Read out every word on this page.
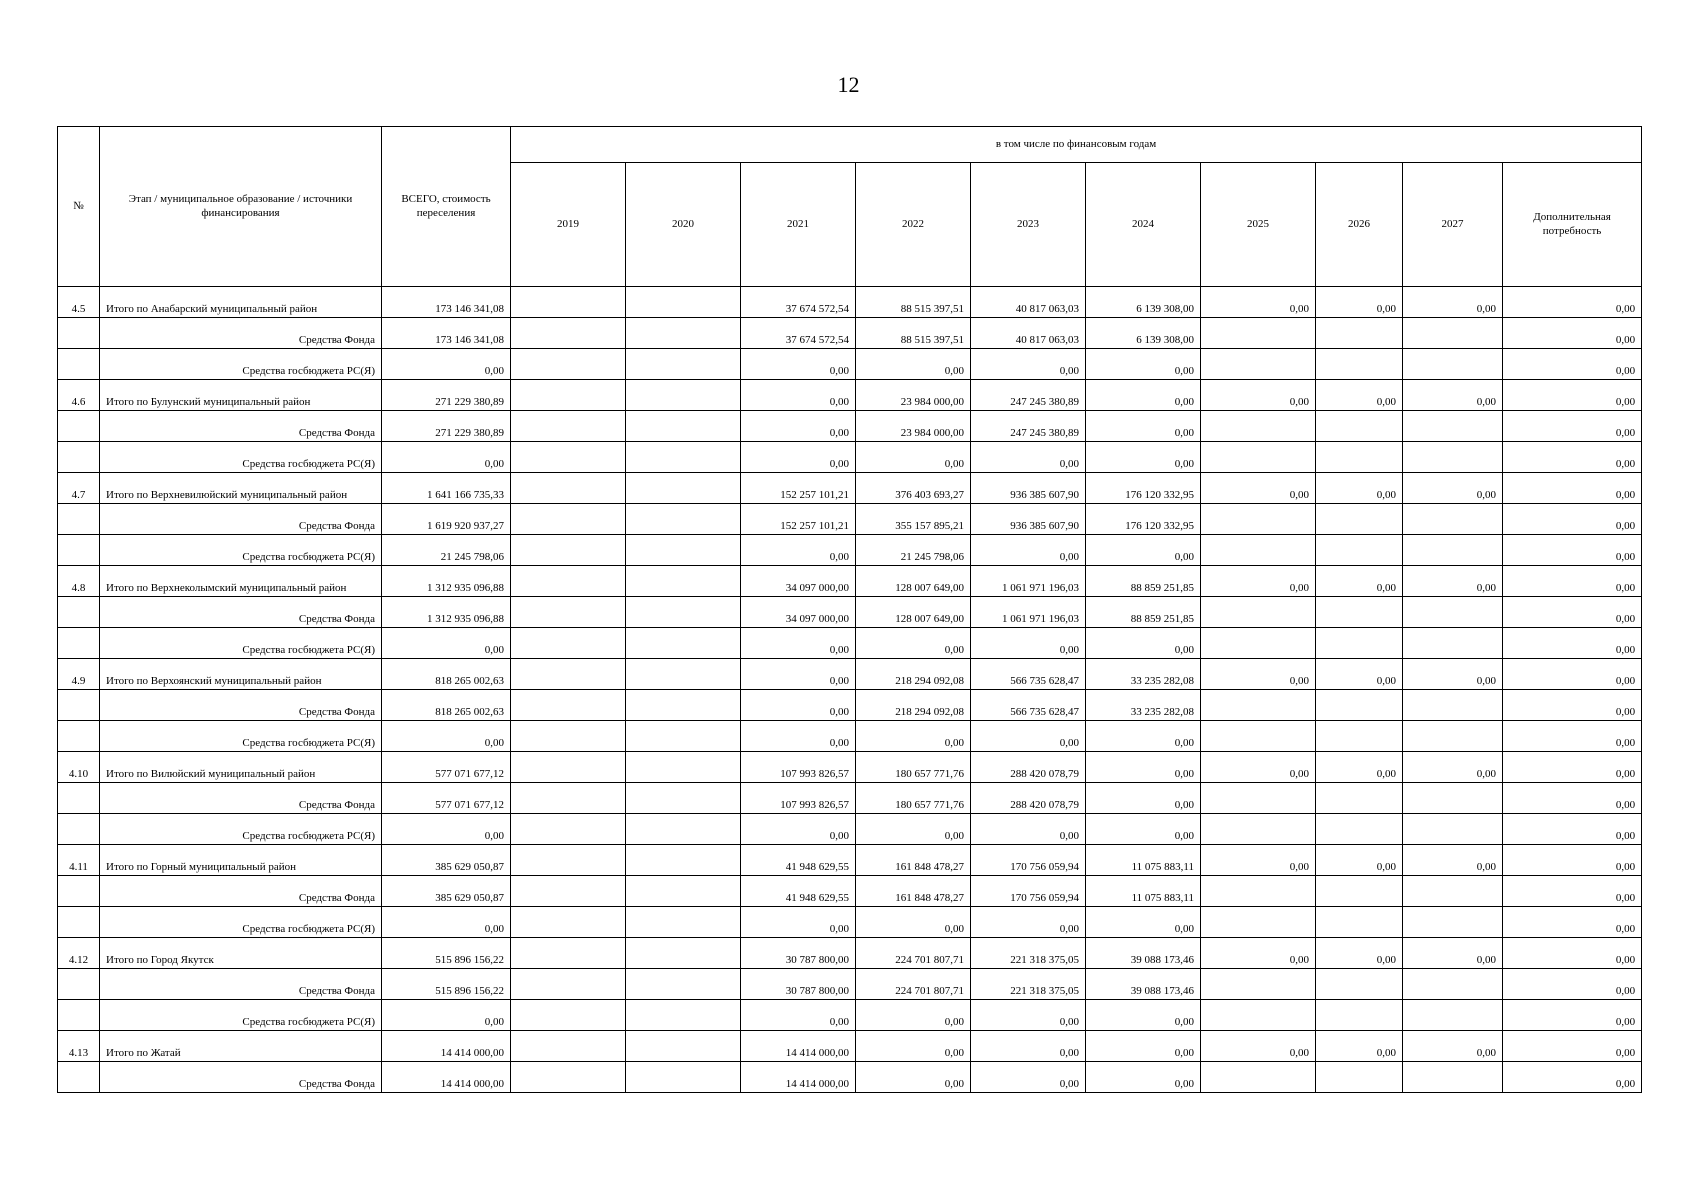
12
№	Этап / муниципальное образование / источники финансирования	ВСЕГО, стоимость переселения	в том числе по финансовым годам									
			2019	2020	2021	2022	2023	2024	2025	2026	2027	Дополнительная потребность
4.5	Итого по Анабарский муниципальный район	173 146 341,08			37 674 572,54	88 515 397,51	40 817 063,03	6 139 308,00	0,00	0,00	0,00	0,00
	Средства Фонда	173 146 341,08			37 674 572,54	88 515 397,51	40 817 063,03	6 139 308,00				0,00
	Средства госбюджета РС(Я)	0,00			0,00	0,00	0,00	0,00				0,00
4.6	Итого по Булунский муниципальный район	271 229 380,89			0,00	23 984 000,00	247 245 380,89	0,00	0,00	0,00	0,00	0,00
	Средства Фонда	271 229 380,89			0,00	23 984 000,00	247 245 380,89	0,00				0,00
	Средства госбюджета РС(Я)	0,00			0,00	0,00	0,00	0,00				0,00
4.7	Итого по Верхневилюйский муниципальный район	1 641 166 735,33			152 257 101,21	376 403 693,27	936 385 607,90	176 120 332,95	0,00	0,00	0,00	0,00
	Средства Фонда	1 619 920 937,27			152 257 101,21	355 157 895,21	936 385 607,90	176 120 332,95				0,00
	Средства госбюджета РС(Я)	21 245 798,06			0,00	21 245 798,06	0,00	0,00				0,00
4.8	Итого по Верхнеколымский муниципальный район	1 312 935 096,88			34 097 000,00	128 007 649,00	1 061 971 196,03	88 859 251,85	0,00	0,00	0,00	0,00
	Средства Фонда	1 312 935 096,88			34 097 000,00	128 007 649,00	1 061 971 196,03	88 859 251,85				0,00
	Средства госбюджета РС(Я)	0,00			0,00	0,00	0,00	0,00				0,00
4.9	Итого по Верхоянский муниципальный район	818 265 002,63			0,00	218 294 092,08	566 735 628,47	33 235 282,08	0,00	0,00	0,00	0,00
	Средства Фонда	818 265 002,63			0,00	218 294 092,08	566 735 628,47	33 235 282,08				0,00
	Средства госбюджета РС(Я)	0,00			0,00	0,00	0,00	0,00				0,00
4.10	Итого по Вилюйский муниципальный район	577 071 677,12			107 993 826,57	180 657 771,76	288 420 078,79	0,00	0,00	0,00	0,00	0,00
	Средства Фонда	577 071 677,12			107 993 826,57	180 657 771,76	288 420 078,79	0,00				0,00
	Средства госбюджета РС(Я)	0,00			0,00	0,00	0,00	0,00				0,00
4.11	Итого по Горный муниципальный район	385 629 050,87			41 948 629,55	161 848 478,27	170 756 059,94	11 075 883,11	0,00	0,00	0,00	0,00
	Средства Фонда	385 629 050,87			41 948 629,55	161 848 478,27	170 756 059,94	11 075 883,11				0,00
	Средства госбюджета РС(Я)	0,00			0,00	0,00	0,00	0,00				0,00
4.12	Итого по Город Якутск	515 896 156,22			30 787 800,00	224 701 807,71	221 318 375,05	39 088 173,46	0,00	0,00	0,00	0,00
	Средства Фонда	515 896 156,22			30 787 800,00	224 701 807,71	221 318 375,05	39 088 173,46				0,00
	Средства госбюджета РС(Я)	0,00			0,00	0,00	0,00	0,00				0,00
4.13	Итого по Жатай	14 414 000,00			14 414 000,00	0,00	0,00	0,00	0,00	0,00	0,00	0,00
	Средства Фонда	14 414 000,00			14 414 000,00	0,00	0,00	0,00				0,00
